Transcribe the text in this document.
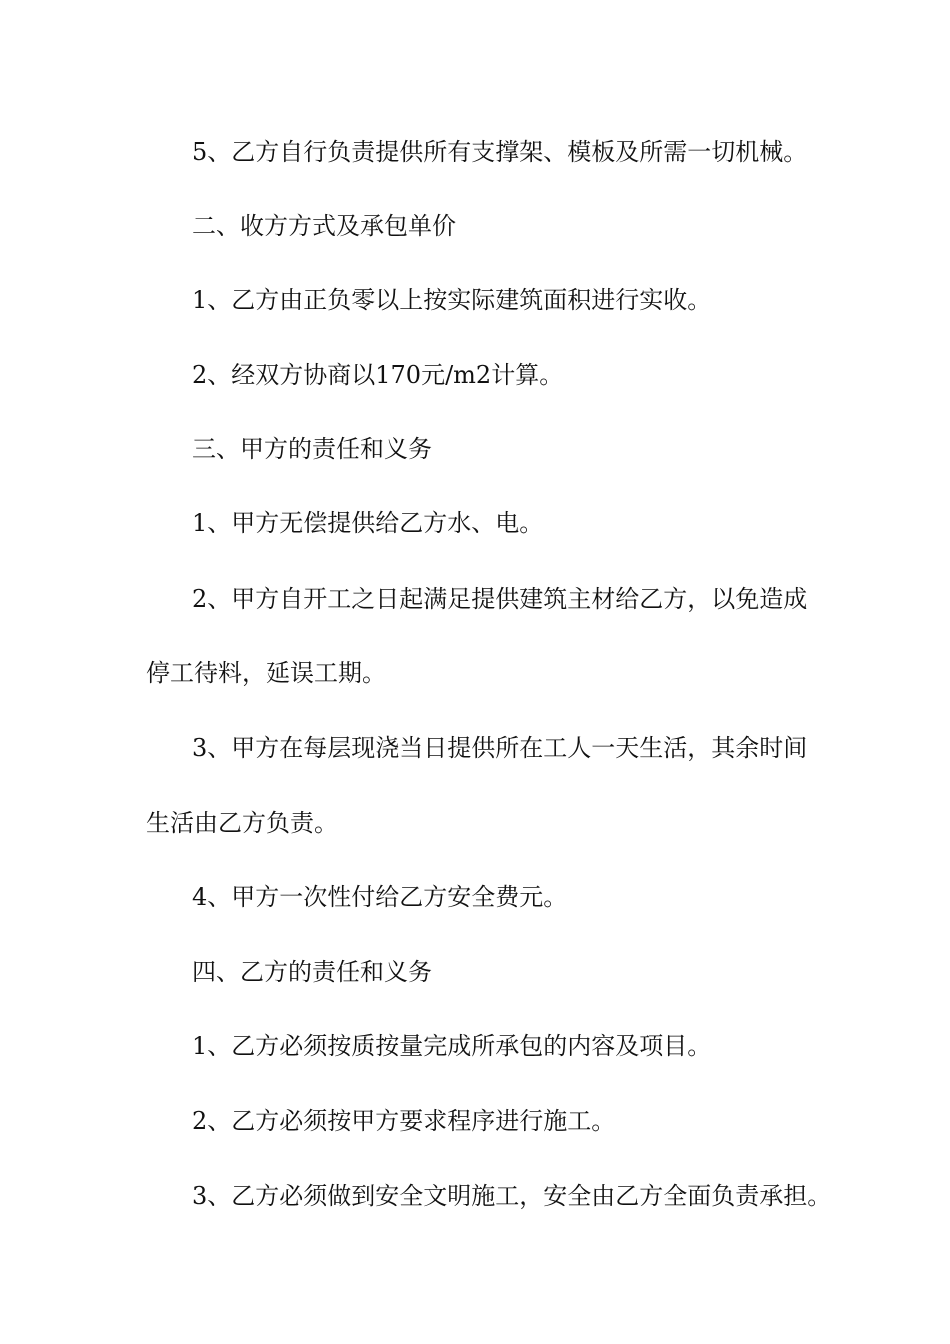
5、乙方自行负责提供所有支撑架、模板及所需一切机械。
二、收方方式及承包单价
1、乙方由正负零以上按实际建筑面积进行实收。
2、经双方协商以170元/m2计算。
三、甲方的责任和义务
1、甲方无偿提供给乙方水、电。
2、甲方自开工之日起满足提供建筑主材给乙方，以免造成
停工待料，延误工期。
3、甲方在每层现浇当日提供所在工人一天生活，其余时间
生活由乙方负责。
4、甲方一次性付给乙方安全费元。
四、乙方的责任和义务
1、乙方必须按质按量完成所承包的内容及项目。
2、乙方必须按甲方要求程序进行施工。
3、乙方必须做到安全文明施工，安全由乙方全面负责承担。
